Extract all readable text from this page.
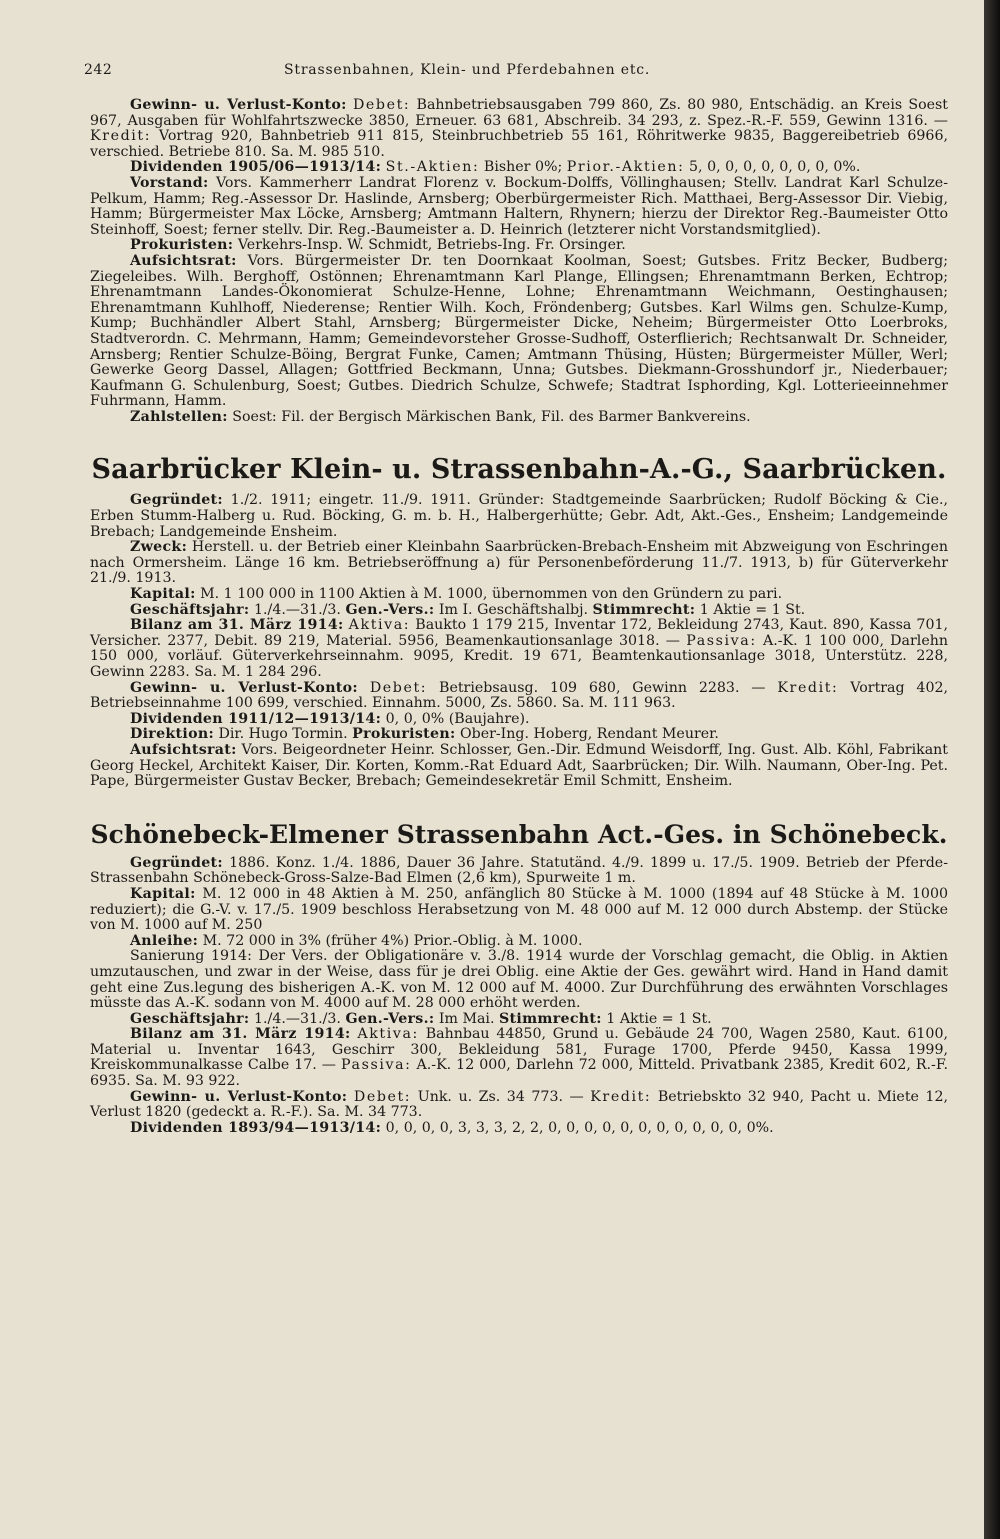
242	Strassenbahnen, Klein- und Pferdebahnen etc.

Gewinn- u. Verlust-Konto: Debet: Bahnbetriebsausgaben 799 860, Zs. 80 980, Entschädig. an Kreis Soest 967, Ausgaben für Wohlfahrtszwecke 3850, Erneuer. 63 681, Abschreib. 34 293, z. Spez.-R.-F. 559, Gewinn 1316. — Kredit: Vortrag 920, Bahnbetrieb 911 815, Steinbruchbetrieb 55 161, Röhritwerke 9835, Baggereibetrieb 6966, verschied. Betriebe 810. Sa. M. 985 510.

Dividenden 1905/06—1913/14: St.-Aktien: Bisher 0%; Prior.-Aktien: 5, 0, 0, 0, 0, 0, 0, 0, 0%.

Vorstand: Vors. Kammerherr Landrat Florenz v. Bockum-Dolffs, Völlinghausen; Stellv. Landrat Karl Schulze-Pelkum, Hamm; Reg.-Assessor Dr. Haslinde, Arnsberg; Oberbürgermeister Rich. Matthaei, Berg-Assessor Dir. Viebig, Hamm; Bürgermeister Max Löcke, Arnsberg; Amtmann Haltern, Rhynern; hierzu der Direktor Reg.-Baumeister Otto Steinhoff, Soest; ferner stellv. Dir. Reg.-Baumeister a. D. Heinrich (letzterer nicht Vorstandsmitglied).

Prokuristen: Verkehrs-Insp. W. Schmidt, Betriebs-Ing. Fr. Orsinger.

Aufsichtsrat: Vors. Bürgermeister Dr. ten Doornkaat Koolman, Soest; Gutsbes. Fritz Becker, Budberg; Ziegeleibes. Wilh. Berghoff, Ostönnen; Ehrenamtmann Karl Plange, Ellingsen; Ehrenamtmann Berken, Echtrop; Ehrenamtmann Landes-Ökonomierat Schulze-Henne, Lohne; Ehrenamtmann Weichmann, Oestinghausen; Ehrenamtmann Kuhlhoff, Niederense; Rentier Wilh. Koch, Fröndenberg; Gutsbes. Karl Wilms gen. Schulze-Kump, Kump; Buchhändler Albert Stahl, Arnsberg; Bürgermeister Dicke, Neheim; Bürgermeister Otto Loerbroks, Stadtverordn. C. Mehrmann, Hamm; Gemeindevorsteher Grosse-Sudhoff, Osterflierich; Rechtsanwalt Dr. Schneider, Arnsberg; Rentier Schulze-Böing, Bergrat Funke, Camen; Amtmann Thüsing, Hüsten; Bürgermeister Müller, Werl; Gewerke Georg Dassel, Allagen; Gottfried Beckmann, Unna; Gutsbes. Diekmann-Grosshundorf jr., Niederbauer; Kaufmann G. Schulenburg, Soest; Gutbes. Diedrich Schulze, Schwefe; Stadtrat Isphording, Kgl. Lotterieeinnehmer Fuhrmann, Hamm.

Zahlstellen: Soest: Fil. der Bergisch Märkischen Bank, Fil. des Barmer Bankvereins.

Saarbrücker Klein- u. Strassenbahn-A.-G., Saarbrücken.

Gegründet: 1./2. 1911; eingetr. 11./9. 1911. Gründer: Stadtgemeinde Saarbrücken; Rudolf Böcking & Cie., Erben Stumm-Halberg u. Rud. Böcking, G. m. b. H., Halbergerhütte; Gebr. Adt, Akt.-Ges., Ensheim; Landgemeinde Brebach; Landgemeinde Ensheim.

Zweck: Herstell. u. der Betrieb einer Kleinbahn Saarbrücken-Brebach-Ensheim mit Abzweigung von Eschringen nach Ormersheim. Länge 16 km. Betriebseröffnung a) für Personenbeförderung 11./7. 1913, b) für Güterverkehr 21./9. 1913.

Kapital: M. 1 100 000 in 1100 Aktien à M. 1000, übernommen von den Gründern zu pari.

Geschäftsjahr: 1./4.—31./3. Gen.-Vers.: Im I. Geschäftshalbj. Stimmrecht: 1 Aktie = 1 St.

Bilanz am 31. März 1914: Aktiva: Baukto 1 179 215, Inventar 172, Bekleidung 2743, Kaut. 890, Kassa 701, Versicher. 2377, Debit. 89 219, Material. 5956, Beamenkautionsanlage 3018. — Passiva: A.-K. 1 100 000, Darlehn 150 000, vorläuf. Güterverkehrseinnahm. 9095, Kredit. 19 671, Beamtenkautionsanlage 3018, Unterstütz. 228, Gewinn 2283. Sa. M. 1 284 296.

Gewinn- u. Verlust-Konto: Debet: Betriebsausg. 109 680, Gewinn 2283. — Kredit: Vortrag 402, Betriebseinnahme 100 699, verschied. Einnahm. 5000, Zs. 5860. Sa. M. 111 963.

Dividenden 1911/12—1913/14: 0, 0, 0% (Baujahre).

Direktion: Dir. Hugo Tormin. Prokuristen: Ober-Ing. Hoberg, Rendant Meurer.

Aufsichtsrat: Vors. Beigeordneter Heinr. Schlosser, Gen.-Dir. Edmund Weisdorff, Ing. Gust. Alb. Köhl, Fabrikant Georg Heckel, Architekt Kaiser, Dir. Korten, Komm.-Rat Eduard Adt, Saarbrücken; Dir. Wilh. Naumann, Ober-Ing. Pet. Pape, Bürgermeister Gustav Becker, Brebach; Gemeindesekretär Emil Schmitt, Ensheim.

Schönebeck-Elmener Strassenbahn Act.-Ges. in Schönebeck.

Gegründet: 1886. Konz. 1./4. 1886, Dauer 36 Jahre. Statutänd. 4./9. 1899 u. 17./5. 1909. Betrieb der Pferde-Strassenbahn Schönebeck-Gross-Salze-Bad Elmen (2,6 km), Spurweite 1 m.

Kapital: M. 12 000 in 48 Aktien à M. 250, anfänglich 80 Stücke à M. 1000 (1894 auf 48 Stücke à M. 1000 reduziert); die G.-V. v. 17./5. 1909 beschloss Herabsetzung von M. 48 000 auf M. 12 000 durch Abstemp. der Stücke von M. 1000 auf M. 250

Anleihe: M. 72 000 in 3% (früher 4%) Prior.-Oblig. à M. 1000.

Sanierung 1914: Der Vers. der Obligationäre v. 3./8. 1914 wurde der Vorschlag gemacht, die Oblig. in Aktien umzutauschen, und zwar in der Weise, dass für je drei Oblig. eine Aktie der Ges. gewährt wird. Hand in Hand damit geht eine Zus.legung des bisherigen A.-K. von M. 12 000 auf M. 4000. Zur Durchführung des erwähnten Vorschlages müsste das A.-K. sodann von M. 4000 auf M. 28 000 erhöht werden.

Geschäftsjahr: 1./4.—31./3. Gen.-Vers.: Im Mai. Stimmrecht: 1 Aktie = 1 St.

Bilanz am 31. März 1914: Aktiva: Bahnbau 44850, Grund u. Gebäude 24 700, Wagen 2580, Kaut. 6100, Material u. Inventar 1643, Geschirr 300, Bekleidung 581, Furage 1700, Pferde 9450, Kassa 1999, Kreiskommunalkasse Calbe 17. — Passiva: A.-K. 12 000, Darlehn 72 000, Mitteld. Privatbank 2385, Kredit 602, R.-F. 6935. Sa. M. 93 922.

Gewinn- u. Verlust-Konto: Debet: Unk. u. Zs. 34 773. — Kredit: Betriebskto 32 940, Pacht u. Miete 12, Verlust 1820 (gedeckt a. R.-F.). Sa. M. 34 773.

Dividenden 1893/94—1913/14: 0, 0, 0, 0, 3, 3, 3, 2, 2, 0, 0, 0, 0, 0, 0, 0, 0, 0, 0, 0, 0%.
